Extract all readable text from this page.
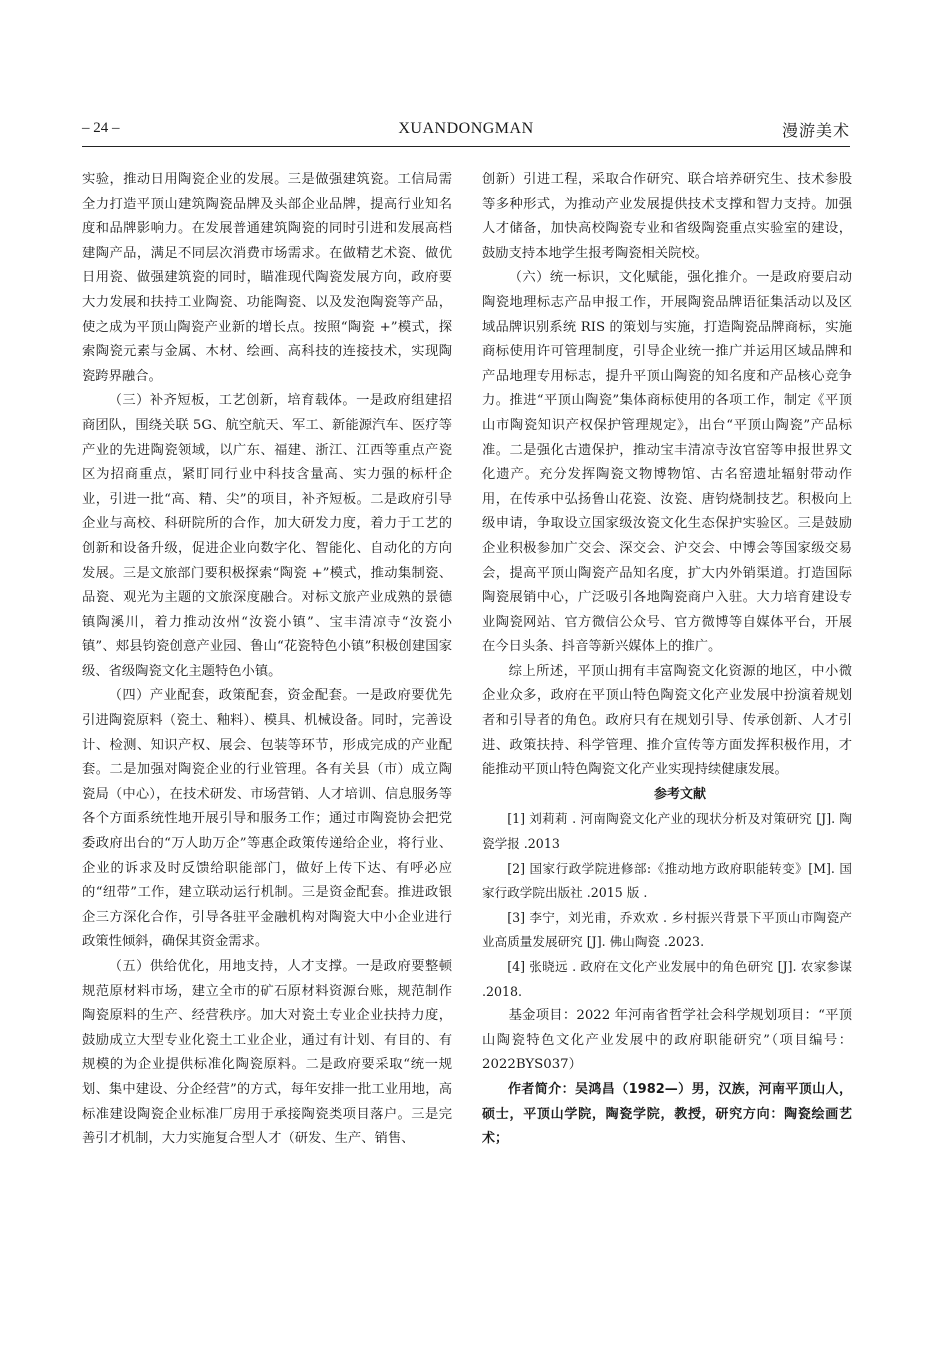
– 24 –	XUANDONGMAN	漫游美术

实验，推动日用陶瓷企业的发展。三是做强建筑瓷。工信局需全力打造平顶山建筑陶瓷品牌及头部企业品牌，提高行业知名度和品牌影响力。在发展普通建筑陶瓷的同时引进和发展高档建陶产品，满足不同层次消费市场需求。在做精艺术瓷、做优日用瓷、做强建筑瓷的同时，瞄准现代陶瓷发展方向，政府要大力发展和扶持工业陶瓷、功能陶瓷、以及发泡陶瓷等产品，使之成为平顶山陶瓷产业新的增长点。按照“陶瓷 +”模式，探索陶瓷元素与金属、木材、绘画、高科技的连接技术，实现陶瓷跨界融合。

（三）补齐短板，工艺创新，培育载体。一是政府组建招商团队，围绕关联 5G、航空航天、军工、新能源汽车、医疗等产业的先进陶瓷领域，以广东、福建、浙江、江西等重点产瓷区为招商重点，紧盯同行业中科技含量高、实力强的标杆企业，引进一批“高、精、尖”的项目，补齐短板。二是政府引导企业与高校、科研院所的合作，加大研发力度，着力于工艺的创新和设备升级，促进企业向数字化、智能化、自动化的方向发展。三是文旅部门要积极探索“陶瓷 +”模式，推动集制瓷、品瓷、观光为主题的文旅深度融合。对标文旅产业成熟的景德镇陶溪川，着力推动汝州“汝瓷小镇”、宝丰清凉寺“汝瓷小镇”、郏县钧瓷创意产业园、鲁山“花瓷特色小镇”积极创建国家级、省级陶瓷文化主题特色小镇。

（四）产业配套，政策配套，资金配套。一是政府要优先引进陶瓷原料（瓷土、釉料）、模具、机械设备。同时，完善设计、检测、知识产权、展会、包装等环节，形成完成的产业配套。二是加强对陶瓷企业的行业管理。各有关县（市）成立陶瓷局（中心），在技术研发、市场营销、人才培训、信息服务等各个方面系统性地开展引导和服务工作；通过市陶瓷协会把党委政府出台的“万人助万企”等惠企政策传递给企业，将行业、企业的诉求及时反馈给职能部门，做好上传下达、有呼必应的“纽带”工作，建立联动运行机制。三是资金配套。推进政银企三方深化合作，引导各驻平金融机构对陶瓷大中小企业进行政策性倾斜，确保其资金需求。

（五）供给优化，用地支持，人才支撑。一是政府要整顿规范原材料市场，建立全市的矿石原材料资源台账，规范制作陶瓷原料的生产、经营秩序。加大对瓷土专业企业扶持力度，鼓励成立大型专业化瓷土工业企业，通过有计划、有目的、有规模的为企业提供标准化陶瓷原料。二是政府要采取“统一规划、集中建设、分企经营”的方式，每年安排一批工业用地，高标准建设陶瓷企业标准厂房用于承接陶瓷类项目落户。三是完善引才机制，大力实施复合型人才（研发、生产、销售、

创新）引进工程，采取合作研究、联合培养研究生、技术参股等多种形式，为推动产业发展提供技术支撑和智力支持。加强人才储备，加快高校陶瓷专业和省级陶瓷重点实验室的建设，鼓励支持本地学生报考陶瓷相关院校。

（六）统一标识，文化赋能，强化推介。一是政府要启动陶瓷地理标志产品申报工作，开展陶瓷品牌语征集活动以及区域品牌识别系统 RIS 的策划与实施，打造陶瓷品牌商标，实施商标使用许可管理制度，引导企业统一推广并运用区域品牌和产品地理专用标志，提升平顶山陶瓷的知名度和产品核心竞争力。推进“平顶山陶瓷”集体商标使用的各项工作，制定《平顶山市陶瓷知识产权保护管理规定》，出台“平顶山陶瓷”产品标准。二是强化古遗保护，推动宝丰清凉寺汝官窑等申报世界文化遗产。充分发挥陶瓷文物博物馆、古名窑遗址辐射带动作用，在传承中弘扬鲁山花瓷、汝瓷、唐钧烧制技艺。积极向上级申请，争取设立国家级汝瓷文化生态保护实验区。三是鼓励企业积极参加广交会、深交会、沪交会、中博会等国家级交易会，提高平顶山陶瓷产品知名度，扩大内外销渠道。打造国际陶瓷展销中心，广泛吸引各地陶瓷商户入驻。大力培育建设专业陶瓷网站、官方微信公众号、官方微博等自媒体平台，开展在今日头条、抖音等新兴媒体上的推广。

综上所述，平顶山拥有丰富陶瓷文化资源的地区，中小微企业众多，政府在平顶山特色陶瓷文化产业发展中扮演着规划者和引导者的角色。政府只有在规划引导、传承创新、人才引进、政策扶持、科学管理、推介宣传等方面发挥积极作用，才能推动平顶山特色陶瓷文化产业实现持续健康发展。

参考文献

[1] 刘莉莉 . 河南陶瓷文化产业的现状分析及对策研究 [J]. 陶瓷学报 .2013

[2] 国家行政学院进修部:《推动地方政府职能转变》[M]. 国家行政学院出版社 .2015 版 .

[3] 李宁，刘光甫，乔欢欢 . 乡村振兴背景下平顶山市陶瓷产业高质量发展研究 [J]. 佛山陶瓷 .2023.

[4] 张晓远 . 政府在文化产业发展中的角色研究 [J]. 农家参谋 .2018.

基金项目：2022 年河南省哲学社会科学规划项目：“平顶山陶瓷特色文化产业发展中的政府职能研究”（项目编号：2022BYS037）

作者简介：吴鸿昌（1982—）男，汉族，河南平顶山人，硕士，平顶山学院，陶瓷学院，教授，研究方向：陶瓷绘画艺术；
